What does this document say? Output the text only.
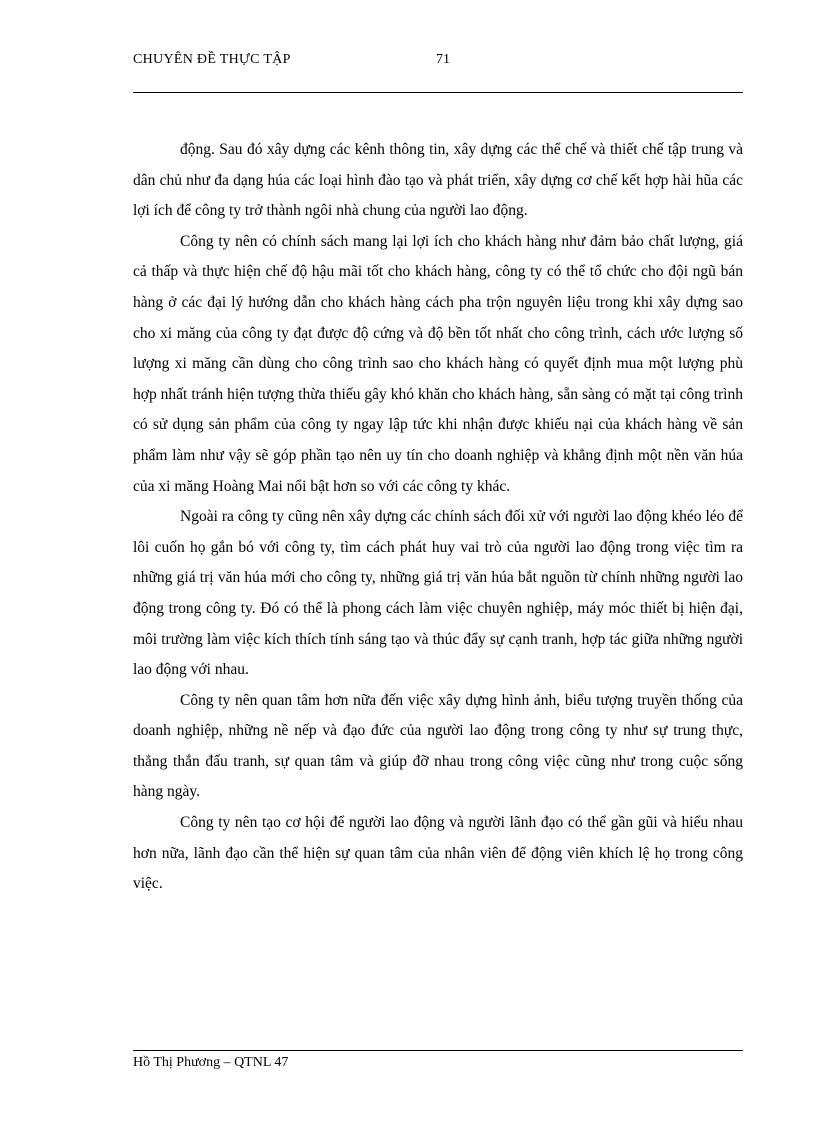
CHUYÊN ĐỀ THỰC TẬP	71

động. Sau đó xây dựng các kênh thông tin, xây dựng các thể chế và thiết chế tập trung và dân chủ như đa dạng húa các loại hình đào tạo và phát triển, xây dựng cơ chế kết hợp hài hũa các lợi ích để công ty trở thành ngôi nhà chung của người lao động.

Công ty nên có chính sách mang lại lợi ích cho khách hàng như đảm bảo chất lượng, giá cả thấp và thực hiện chế độ hậu mãi tốt cho khách hàng, công ty có thể tổ chức cho đội ngũ bán hàng ở các đại lý hướng dẫn cho khách hàng cách pha trộn nguyên liệu trong khi xây dựng sao cho xi măng của công ty đạt được độ cứng và độ bền tốt nhất cho công trình, cách ước lượng số lượng xi măng cần dùng cho công trình sao cho khách hàng có quyết định mua một lượng phù hợp nhất tránh hiện tượng thừa thiếu gây khó khăn cho khách hàng, sẵn sàng có mặt tại công trình có sử dụng sản phẩm của công ty ngay lập tức khi nhận được khiếu nại của khách hàng về sản phẩm làm như vậy sẽ góp phần tạo nên uy tín cho doanh nghiệp và khẳng định một nền văn húa của xi măng Hoàng Mai nổi bật hơn so với các công ty khác.

Ngoài ra công ty cũng nên xây dựng các chính sách đối xử với người lao động khéo léo để lôi cuốn họ gắn bó với công ty, tìm cách phát huy vai trò của người lao động trong việc tìm ra những giá trị văn húa mới cho công ty, những giá trị văn húa bắt nguồn từ chính những người lao động trong công ty. Đó có thể là phong cách làm việc chuyên nghiệp, máy móc thiết bị hiện đại, môi trường làm việc kích thích tính sáng tạo và thúc đẩy sự cạnh tranh, hợp tác giữa những người lao động với nhau.

Công ty nên quan tâm hơn nữa đến việc xây dựng hình ảnh, biểu tượng truyền thống của doanh nghiệp, những nề nếp và đạo đức của người lao động trong công ty như sự trung thực, thẳng thắn đấu tranh, sự quan tâm và giúp đỡ nhau trong công việc cũng như trong cuộc sống hàng ngày.

Công ty nên tạo cơ hội để người lao động và người lãnh đạo có thể gần gũi và hiểu nhau hơn nữa, lãnh đạo cần thể hiện sự quan tâm của nhân viên để động viên khích lệ họ trong công việc.

Hồ Thị Phương – QTNL 47
